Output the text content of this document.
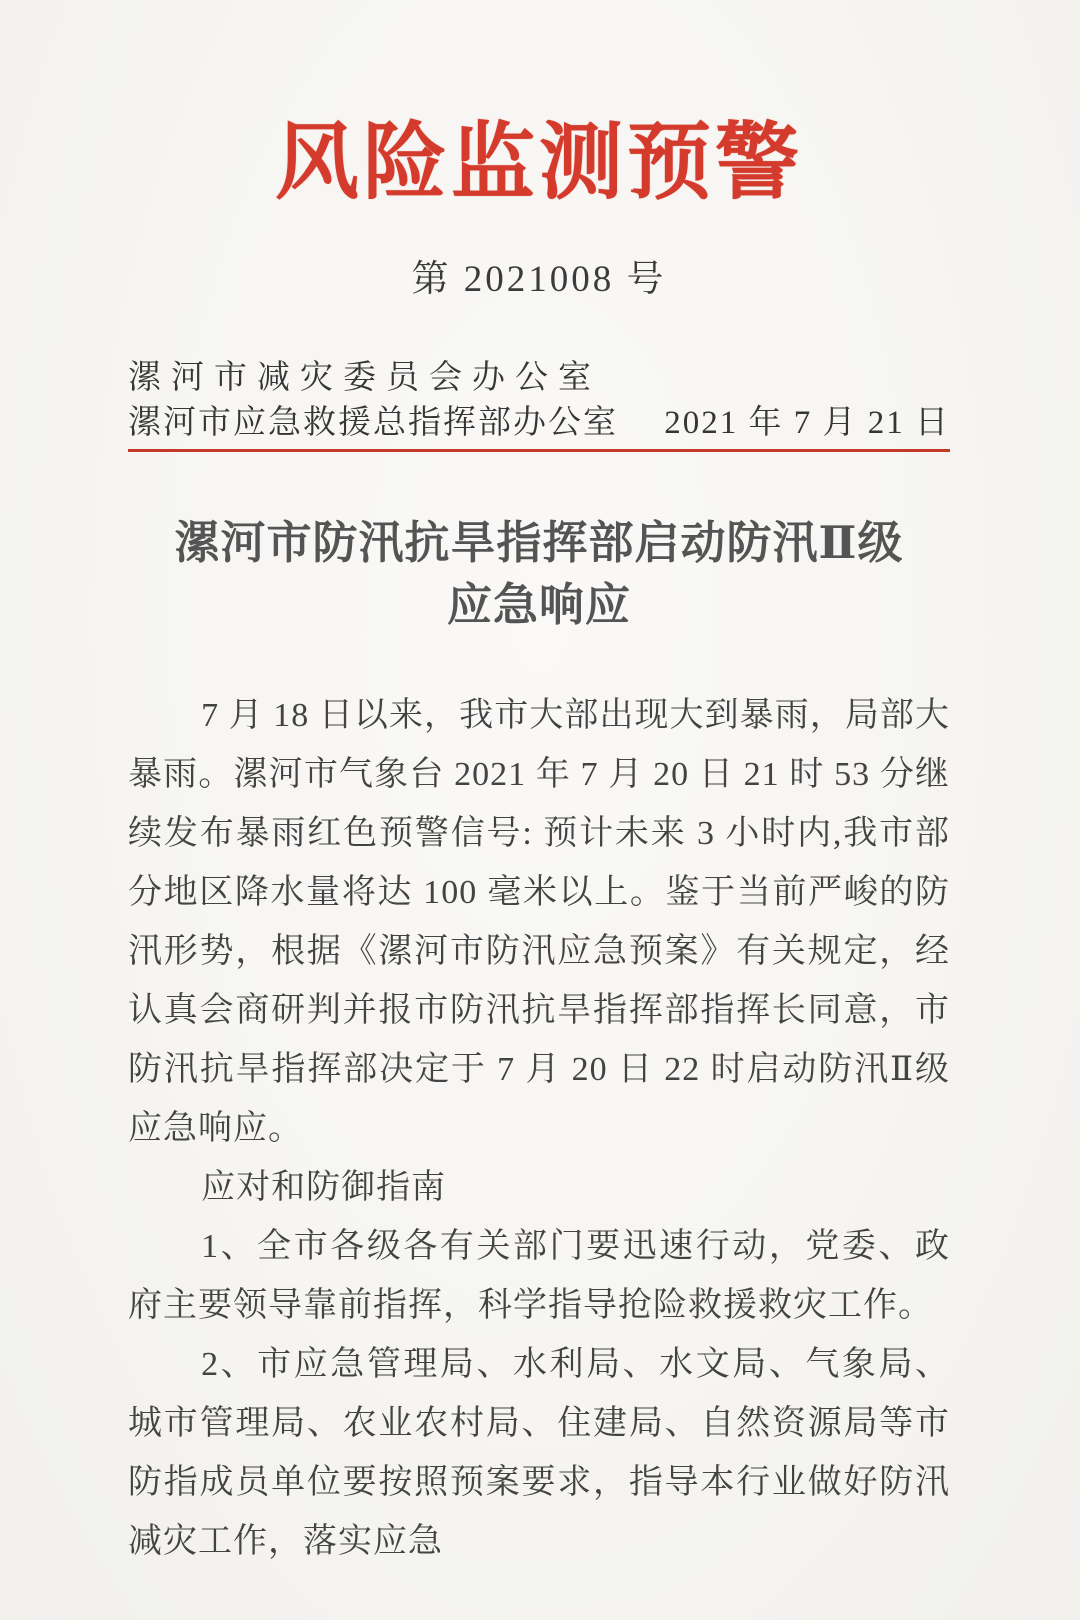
风险监测预警
第 2021008 号
漯河市减灾委员会办公室
漯河市应急救援总指挥部办公室 2021 年 7 月 21 日
漯河市防汛抗旱指挥部启动防汛Ⅱ级
应急响应

7 月 18 日以来，我市大部出现大到暴雨，局部大暴雨。漯河市气象台 2021 年 7 月 20 日 21 时 53 分继续发布暴雨红色预警信号: 预计未来 3 小时内,我市部分地区降水量将达 100 毫米以上。鉴于当前严峻的防汛形势，根据《漯河市防汛应急预案》有关规定，经认真会商研判并报市防汛抗旱指挥部指挥长同意，市防汛抗旱指挥部决定于 7 月 20 日 22 时启动防汛Ⅱ级应急响应。

应对和防御指南

1、全市各级各有关部门要迅速行动，党委、政府主要领导靠前指挥，科学指导抢险救援救灾工作。

2、市应急管理局、水利局、水文局、气象局、城市管理局、农业农村局、住建局、自然资源局等市防指成员单位要按照预案要求，指导本行业做好防汛减灾工作，落实应急
